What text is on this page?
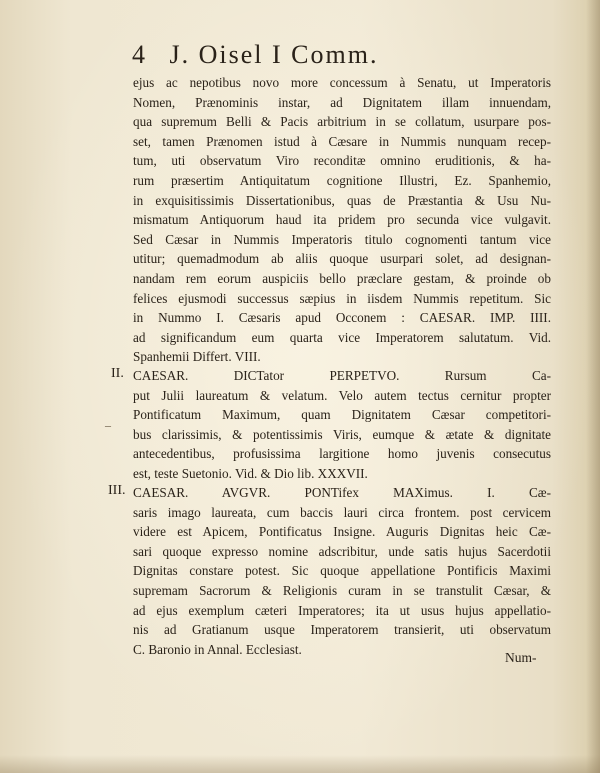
4 J. Oisel I Comm.
ejus ac nepotibus novo more concessum à Senatu, ut Imperatoris
Nomen, Prænominis instar, ad Dignitatem illam innuendam,
qua supremum Belli & Pacis arbitrium in se collatum, usurpare pos-
set, tamen Prænomen istud à Cæsare in Nummis nunquam recep-
tum, uti observatum Viro reconditæ omnino eruditionis, & ha-
rum præsertim Antiquitatum cognitione Illustri, Ez. Spanhemio,
in exquisitissimis Dissertationibus, quas de Præstantia & Usu Nu-
mismatum Antiquorum haud ita pridem pro secunda vice vulgavit.
Sed Cæsar in Nummis Imperatoris titulo cognomenti tantum vice
utitur; quemadmodum ab aliis quoque usurpari solet, ad designan-
nandam rem eorum auspiciis bello præclare gestam, & proinde ob
felices ejusmodi successus sæpius in iisdem Nummis repetitum. Sic
in Nummo I. Cæsaris apud Occonem : CAESAR. IMP. IIII.
ad significandum eum quarta vice Imperatorem salutatum. Vid.
Spanhemii Differt. VIII.
II.
–
CAESAR. DICTator PERPETVO. Rursum Ca-
put Julii laureatum & velatum. Velo autem tectus cernitur propter
Pontificatum Maximum, quam Dignitatem Cæsar competitori-
bus clarissimis, & potentissimis Viris, eumque & ætate & dignitate
antecedentibus, profusissima largitione homo juvenis consecutus
est, teste Suetonio. Vid. & Dio lib. XXXVII.
III. CAESAR. AVGVR. PONTifex MAXimus. I. Cæ-
saris imago laureata, cum baccis lauri circa frontem. post cervicem
videre est Apicem, Pontificatus Insigne. Auguris Dignitas heic Cæ-
sari quoque expresso nomine adscribitur, unde satis hujus Sacerdotii
Dignitas constare potest. Sic quoque appellatione Pontificis Maximi
supremam Sacrorum & Religionis curam in se transtulit Cæsar, &
ad ejus exemplum cæteri Imperatores; ita ut usus hujus appellatio-
nis ad Gratianum usque Imperatorem transierit, uti observatum
C. Baronio in Annal. Ecclesiast.
Num-
